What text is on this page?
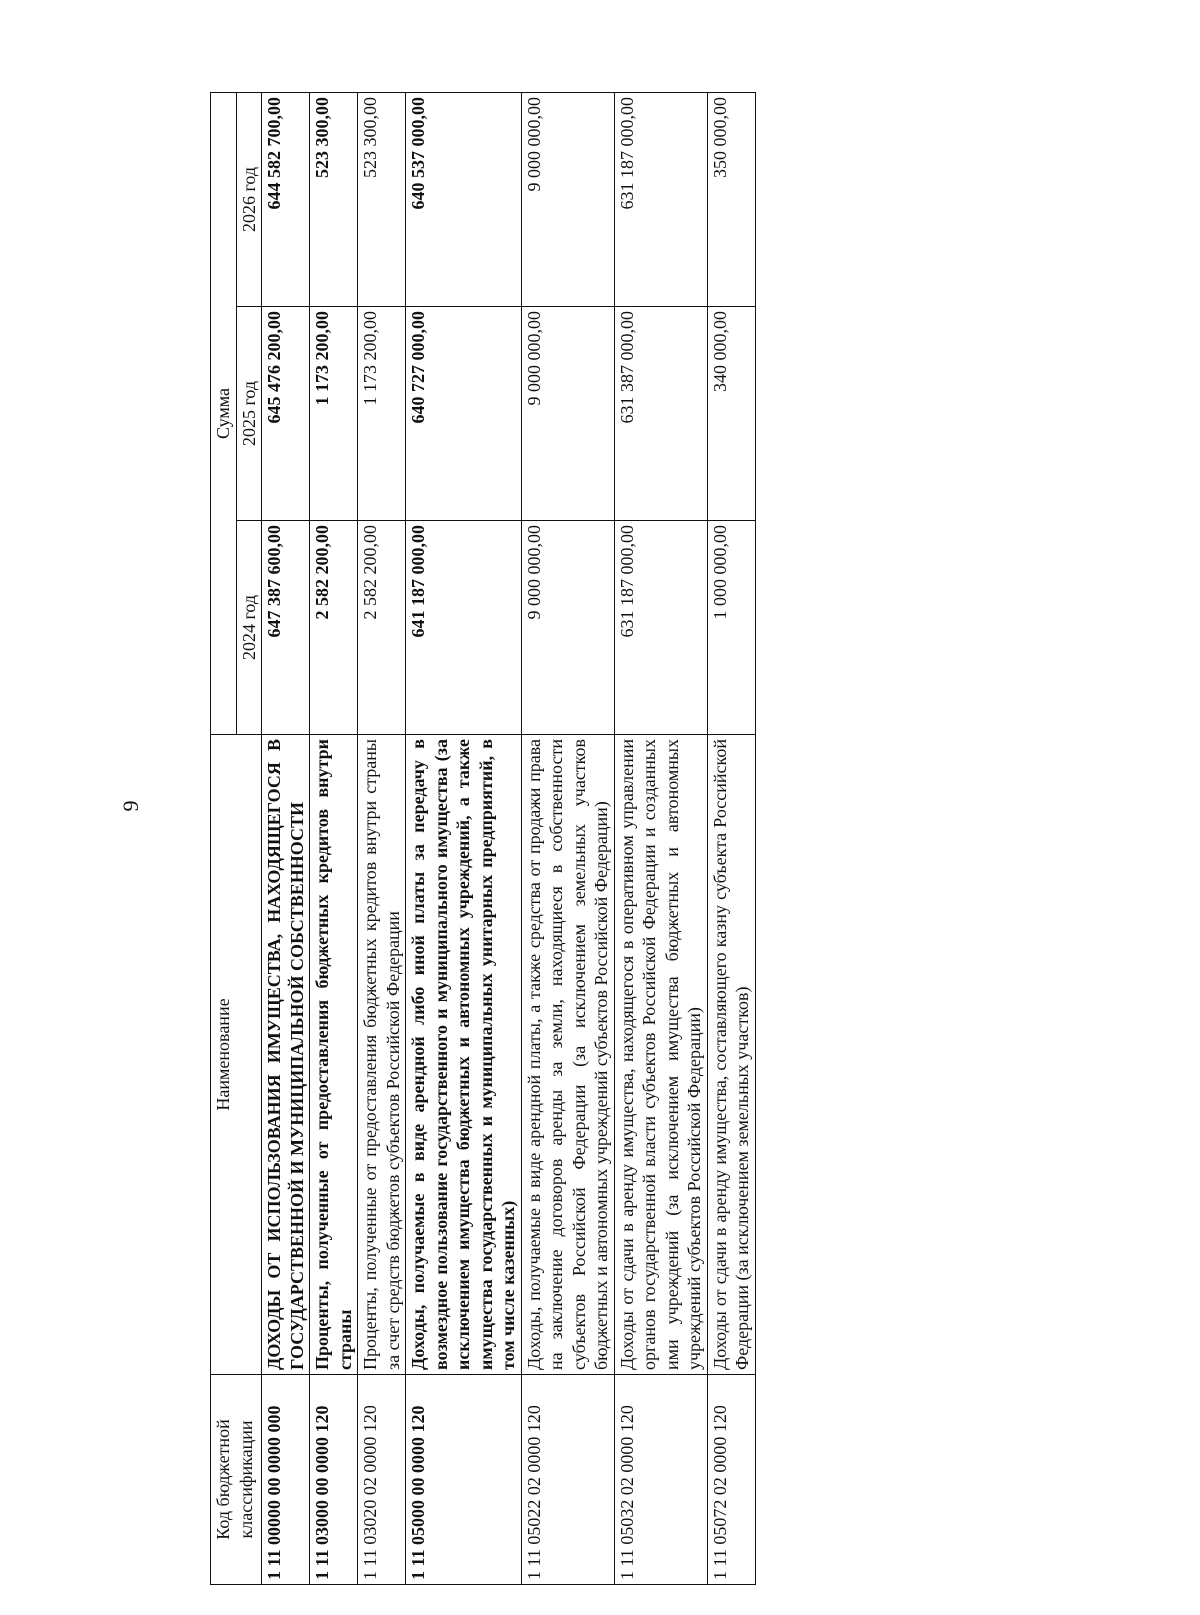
9
Код бюджетной классификации	Наименование	Сумма		
		2024 год	2025 год	2026 год
1 11 00000 00 0000 000	ДОХОДЫ ОТ ИСПОЛЬЗОВАНИЯ ИМУЩЕСТВА, НАХОДЯЩЕГОСЯ В ГОСУДАРСТВЕННОЙ И МУНИЦИПАЛЬНОЙ СОБСТВЕННОСТИ	647 387 600,00	645 476 200,00	644 582 700,00
1 11 03000 00 0000 120	Проценты, полученные от предоставления бюджетных кредитов внутри страны	2 582 200,00	1 173 200,00	523 300,00
1 11 03020 02 0000 120	Проценты, полученные от предоставления бюджетных кредитов внутри страны за счет средств бюджетов субъектов Российской Федерации	2 582 200,00	1 173 200,00	523 300,00
1 11 05000 00 0000 120	Доходы, получаемые в виде арендной либо иной платы за передачу в возмездное пользование государственного и муниципального имущества (за исключением имущества бюджетных и автономных учреждений, а также имущества государственных и муниципальных унитарных предприятий, в том числе казенных)	641 187 000,00	640 727 000,00	640 537 000,00
1 11 05022 02 0000 120	Доходы, получаемые в виде арендной платы, а также средства от продажи права на заключение договоров аренды за земли, находящиеся в собственности субъектов Российской Федерации (за исключением земельных участков бюджетных и автономных учреждений субъектов Российской Федерации)	9 000 000,00	9 000 000,00	9 000 000,00
1 11 05032 02 0000 120	Доходы от сдачи в аренду имущества, находящегося в оперативном управлении органов государственной власти субъектов Российской Федерации и созданных ими учреждений (за исключением имущества бюджетных и автономных учреждений субъектов Российской Федерации)	631 187 000,00	631 387 000,00	631 187 000,00
1 11 05072 02 0000 120	Доходы от сдачи в аренду имущества, составляющего казну субъекта Российской Федерации (за исключением земельных участков)	1 000 000,00	340 000,00	350 000,00
